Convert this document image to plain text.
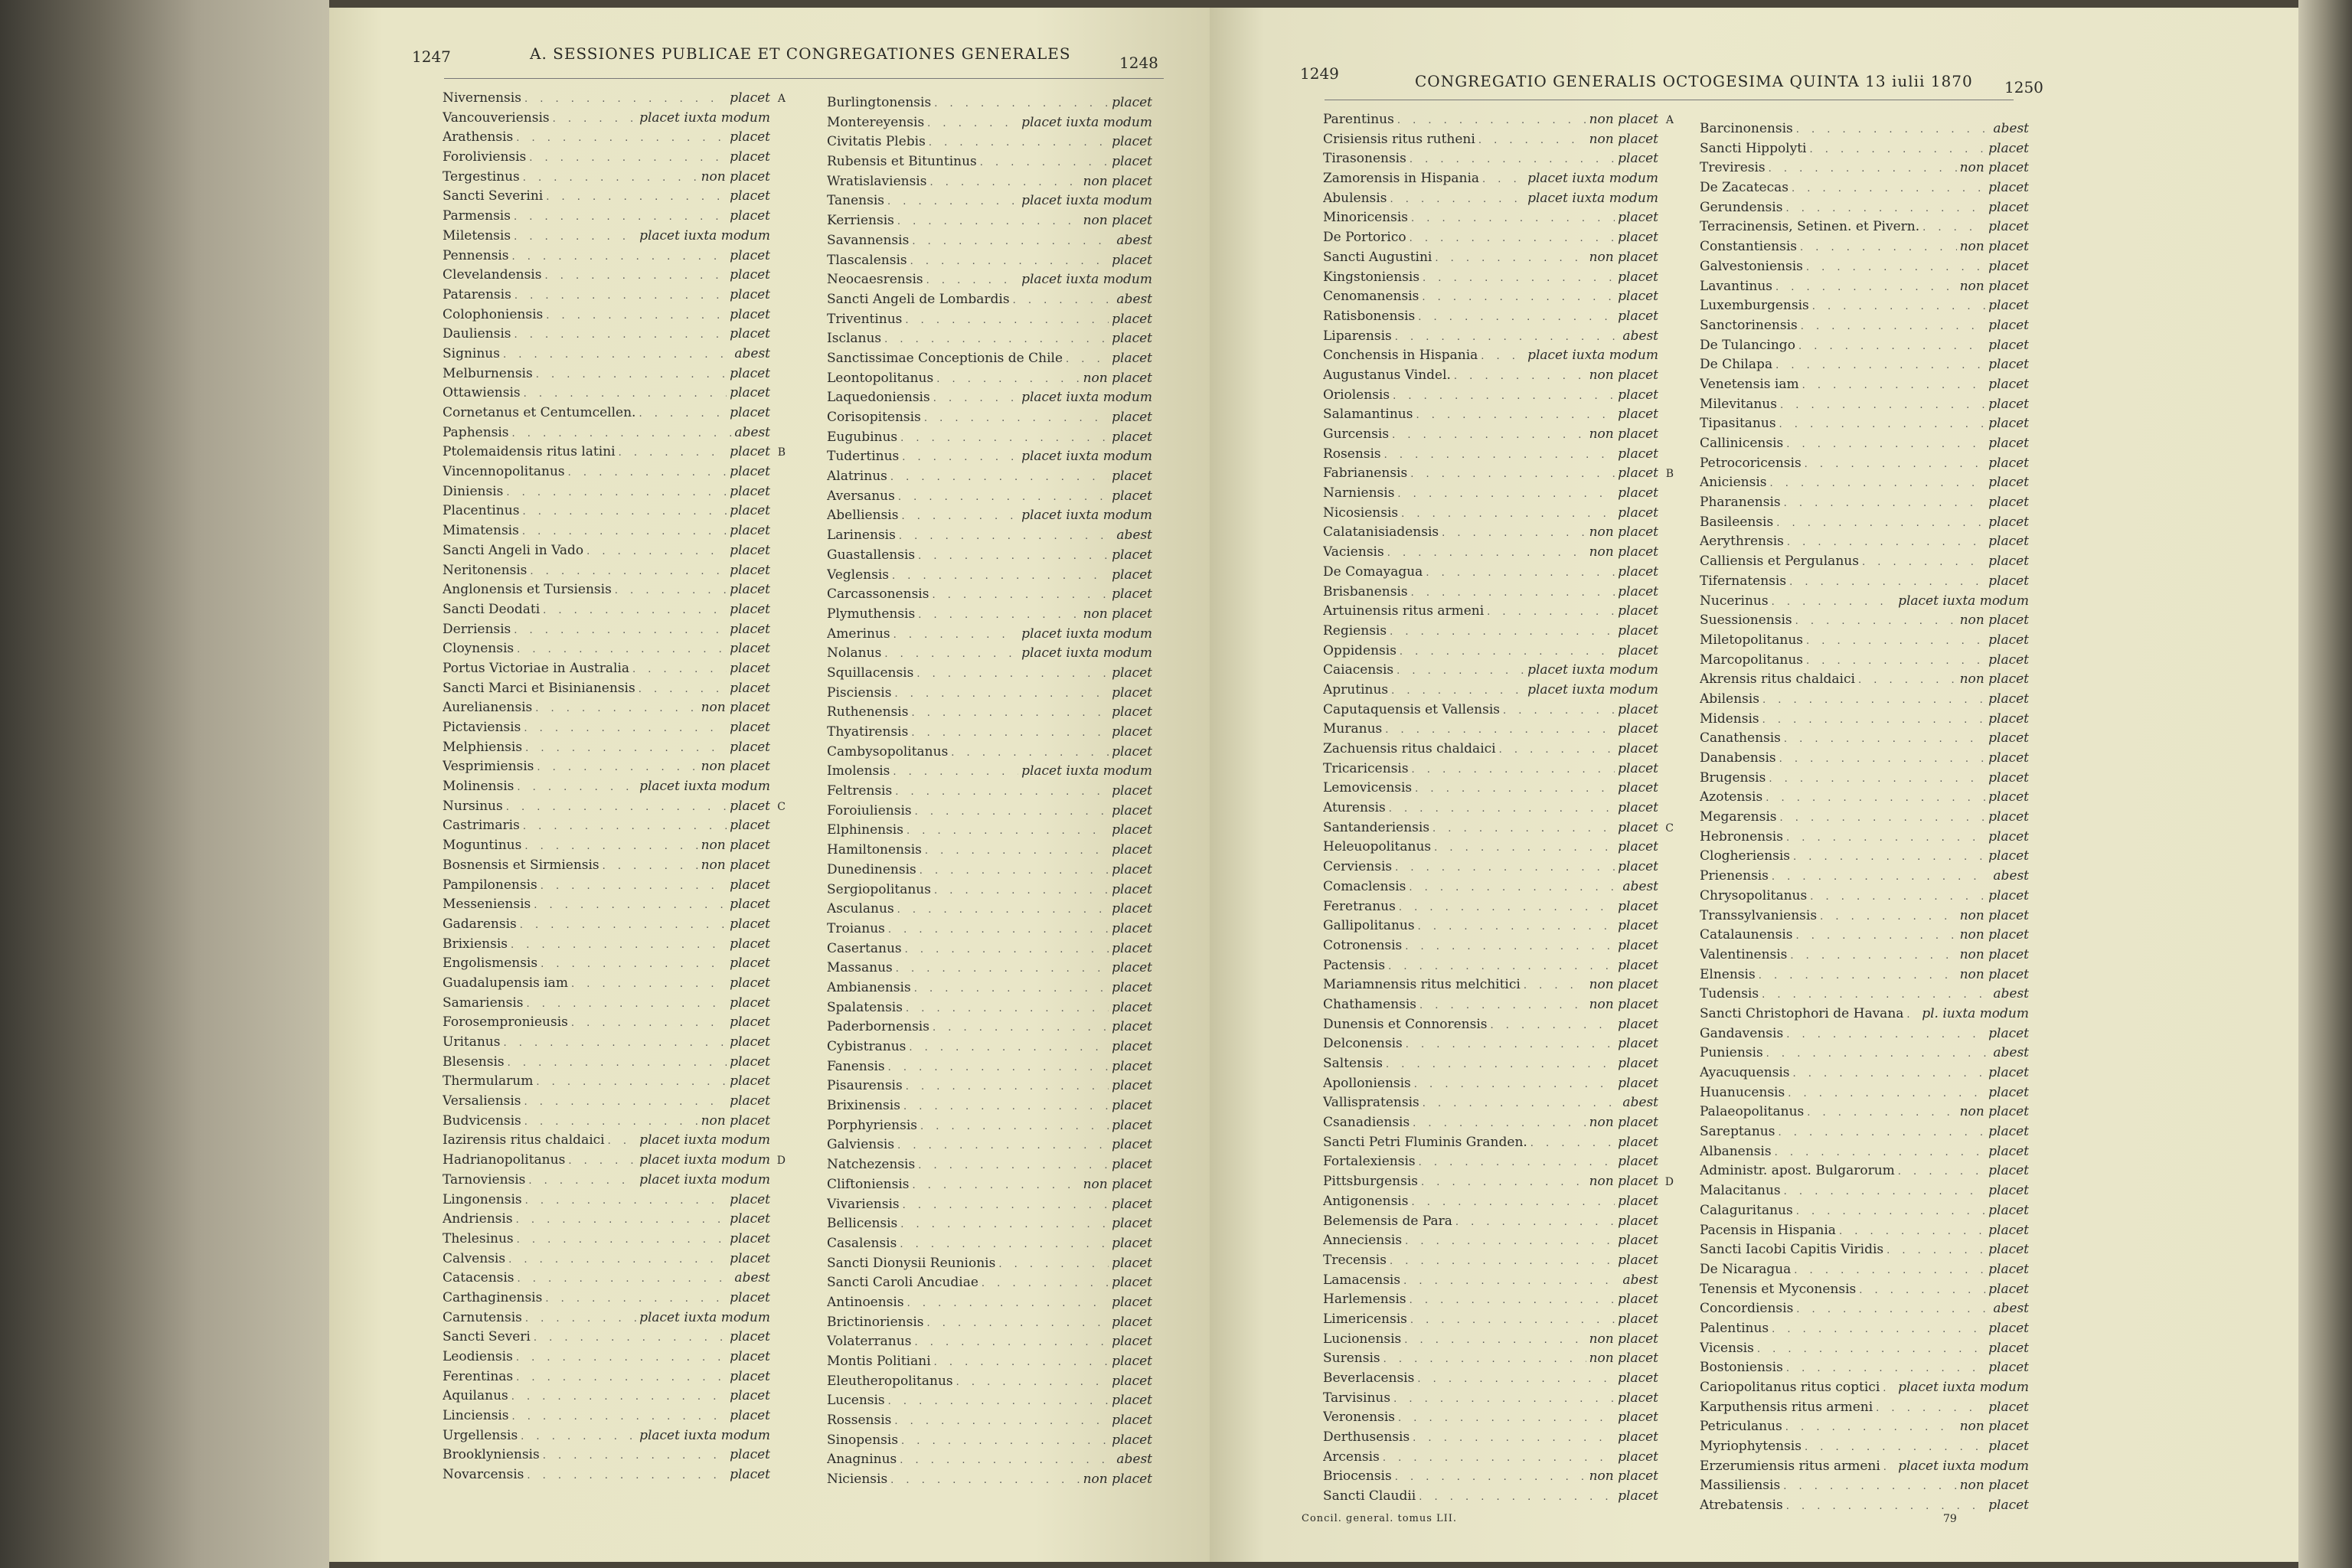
1247	A. SESSIONES PUBLICAE ET CONGREGATIONES GENERALES	1248
Nivernensis . . .	placet A
Vancouveriensis . . .	placet iuxta modum
Arathensis . . .	placet
Foroliviensis . . .	placet
Tergestinus . . .	non placet
Sancti Severini . . .	placet
Parmensis . . .	placet
Miletensis . . .	placet iuxta modum
Pennensis . . .	placet
Clevelandensis . . .	placet
Patarensis . . .	placet
Colophoniensis . . .	placet
Dauliensis . . .	placet
Signinus . . .	abest
Melburnensis . . .	placet
Ottawiensis . . .	placet
Cornetanus et Centumcellen. . . .	placet
Paphensis . . .	abest
Ptolemaidensis ritus latini . . .	placet B
Vincennopolitanus . . .	placet
Diniensis . . .	placet
Placentinus . . .	placet
Mimatensis . . .	placet
Sancti Angeli in Vado . . .	placet
Neritonensis . . .	placet
Anglonensis et Tursiensis . . .	placet
Sancti Deodati . . .	placet
Derriensis . . .	placet
Cloynensis . . .	placet
Portus Victoriae in Australia . . .	placet
Sancti Marci et Bisinianensis . . .	placet
Aurelianensis . . .	non placet
Pictaviensis . . .	placet
Melphiensis . . .	placet
Vesprimiensis . . .	non placet
Molinensis . . .	placet iuxta modum
Nursinus . . .	placet C
Castrimaris . . .	placet
Moguntinus . . .	non placet
Bosnensis et Sirmiensis . . .	non placet
Pampilonensis . . .	placet
Messeniensis . . .	placet
Gadarensis . . .	placet
Brixiensis . . .	placet
Engolismensis . . .	placet
Guadalupensis iam . . .	placet
Samariensis . . .	placet
Forosempronieusis . . .	placet
Uritanus . . .	placet
Blesensis . . .	placet
Thermularum . . .	placet
Versaliensis . . .	placet
Budvicensis . . .	non placet
Iazirensis ritus chaldaici . . .	placet iuxta modum
Hadrianopolitanus . . .	placet iuxta modum D
Tarnoviensis . . .	placet iuxta modum
Lingonensis . . .	placet
Andriensis . . .	placet
Thelesinus . . .	placet
Calvensis . . .	placet
Catacensis . . .	abest
Carthaginensis . . .	placet
Carnutensis . . .	placet iuxta modum
Sancti Severi . . .	placet
Leodiensis . . .	placet
Ferentinas . . .	placet
Aquilanus . . .	placet
Linciensis . . .	placet
Urgellensis . . .	placet iuxta modum
Brooklyniensis . . .	placet
Novarcensis . . .	placet
Burlingtonensis . . .	placet
Montereyensis . . .	placet iuxta modum
Civitatis Plebis . . .	placet
Rubensis et Bituntinus . . .	placet
Wratislaviensis . . .	non placet
Tanensis . . .	placet iuxta modum
Kerriensis . . .	non placet
Savannensis . . .	abest
Tlascalensis . . .	placet
Neocaesrensis . . .	placet iuxta modum
Sancti Angeli de Lombardis . . .	abest
Triventinus . . .	placet
Isclanus . . .	placet
Sanctissimae Conceptionis de Chile . . .	placet
Leontopolitanus . . .	non placet
Laquedoniensis . . .	placet iuxta modum
Corisopitensis . . .	placet
Eugubinus . . .	placet
Tudertinus . . .	placet iuxta modum
Alatrinus . . .	placet
Aversanus . . .	placet
Abelliensis . . .	placet iuxta modum
Larinensis . . .	abest
Guastallensis . . .	placet
Veglensis . . .	placet
Carcassonensis . . .	placet
Plymuthensis . . .	non placet
Amerinus . . .	placet iuxta modum
Nolanus . . .	placet iuxta modum
Squillacensis . . .	placet
Pisciensis . . .	placet
Ruthenensis . . .	placet
Thyatirensis . . .	placet
Cambysopolitanus . . .	placet
Imolensis . . .	placet iuxta modum
Feltrensis . . .	placet
Foroiuliensis . . .	placet
Elphinensis . . .	placet
Hamiltonensis . . .	placet
Dunedinensis . . .	placet
Sergiopolitanus . . .	placet
Asculanus . . .	placet
Troianus . . .	placet
Casertanus . . .	placet
Massanus . . .	placet
Ambianensis . . .	placet
Spalatensis . . .	placet
Paderbornensis . . .	placet
Cybistranus . . .	placet
Fanensis . . .	placet
Pisaurensis . . .	placet
Brixinensis . . .	placet
Porphyriensis . . .	placet
Galviensis . . .	placet
Natchezensis . . .	placet
Cliftoniensis . . .	non placet
Vivariensis . . .	placet
Bellicensis . . .	placet
Casalensis . . .	placet
Sancti Dionysii Reunionis . . .	placet
Sancti Caroli Ancudiae . . .	placet
Antinoensis . . .	placet
Brictinoriensis . . .	placet
Volaterranus . . .	placet
Montis Politiani . . .	placet
Eleutheropolitanus . . .	placet
Lucensis . . .	placet
Rossensis . . .	placet
Sinopensis . . .	placet
Anagninus . . .	abest
Niciensis . . .	non placet
1249	CONGREGATIO GENERALIS OCTOGESIMA QUINTA 13 iulii 1870 1250
Parentinus . . .	non placet A
Crisiensis ritus rutheni . . .	non placet
Tirasonensis . . .	placet
Zamorensis in Hispania . . .	placet iuxta modum
Abulensis . . .	placet iuxta modum
Minoricensis . . .	placet
De Portorico . . .	placet
Sancti Augustini . . .	non placet
Kingstoniensis . . .	placet
Cenomanensis . . .	placet
Ratisbonensis . . .	placet
Liparensis . . .	abest
Conchensis in Hispania . . .	placet iuxta modum
Augustanus Vindel. . . .	non placet
Oriolensis . . .	placet
Salamantinus . . .	placet
Gurcensis . . .	non placet
Rosensis . . .	placet
Fabrianensis . . .	placet B
Narniensis . . .	placet
Nicosiensis . . .	placet
Calatanisiadensis . . .	non placet
Vaciensis . . .	non placet
De Comayagua . . .	placet
Brisbanensis . . .	placet
Artuinensis ritus armeni . . .	placet
Regiensis . . .	placet
Oppidensis . . .	placet
Caiacensis . . .	placet iuxta modum
Aprutinus . . .	placet iuxta modum
Caputaquensis et Vallensis . . .	placet
Muranus . . .	placet
Zachuensis ritus chaldaici . . .	placet
Tricaricensis . . .	placet
Lemovicensis . . .	placet
Aturensis . . .	placet
Santanderiensis . . .	placet C
Heleuopolitanus . . .	placet
Cerviensis . . .	placet
Comaclensis . . .	abest
Feretranus . . .	placet
Gallipolitanus . . .	placet
Cotronensis . . .	placet
Pactensis . . .	placet
Mariamnensis ritus melchitici . . .	non placet
Chathamensis . . .	non placet
Dunensis et Connorensis . . .	placet
Delconensis . . .	placet
Saltensis . . .	placet
Apolloniensis . . .	placet
Vallispratensis . . .	abest
Csanadiensis . . .	non placet
Sancti Petri Fluminis Granden. . . .	placet
Fortalexiensis . . .	placet
Pittsburgensis . . .	non placet D
Antigonensis . . .	placet
Belemensis de Para . . .	placet
Anneciensis . . .	placet
Trecensis . . .	placet
Lamacensis . . .	abest
Harlemensis . . .	placet
Limericensis . . .	placet
Lucionensis . . .	non placet
Surensis . . .	non placet
Beverlacensis . . .	placet
Tarvisinus . . .	placet
Veronensis . . .	placet
Derthusensis . . .	placet
Arcensis . . .	placet
Briocensis . . .	non placet
Sancti Claudii . . .	placet
Barcinonensis . . .	abest
Sancti Hippolyti . . .	placet
Treviresis . . .	non placet
De Zacatecas . . .	placet
Gerundensis . . .	placet
Terracinensis, Setinen. et Pivern. . . .	placet
Constantiensis . . .	non placet
Galvestoniensis . . .	placet
Lavantinus . . .	non placet
Luxemburgensis . . .	placet
Sanctorinensis . . .	placet
De Tulancingo . . .	placet
De Chilapa . . .	placet
Venetensis iam . . .	placet
Milevitanus . . .	placet
Tipasitanus . . .	placet
Callinicensis . . .	placet
Petrocoricensis . . .	placet
Aniciensis . . .	placet
Pharanensis . . .	placet
Basileensis . . .	placet
Aerythrensis . . .	placet
Calliensis et Pergulanus . . .	placet
Tifernatensis . . .	placet
Nucerinus . . .	placet iuxta modum
Suessionensis . . .	non placet
Miletopolitanus . . .	placet
Marcopolitanus . . .	placet
Akrensis ritus chaldaici . . .	non placet
Abilensis . . .	placet
Midensis . . .	placet
Canathensis . . .	placet
Danabensis . . .	placet
Brugensis . . .	placet
Azotensis . . .	placet
Megarensis . . .	placet
Hebronensis . . .	placet
Clogheriensis . . .	placet
Prienensis . . .	abest
Chrysopolitanus . . .	placet
Transsylvaniensis . . .	non placet
Catalaunensis . . .	non placet
Valentinensis . . .	non placet
Elnensis . . .	non placet
Tudensis . . .	abest
Sancti Christophori de Havana . . . pl. iuxta modum
Gandavensis . . .	placet
Puniensis . . .	abest
Ayacuquensis . . .	placet
Huanucensis . . .	placet
Palaeopolitanus . . .	non placet
Sareptanus . . .	placet
Albanensis . . .	placet
Administr. apost. Bulgarorum . . .	placet
Malacitanus . . .	placet
Calaguritanus . . .	placet
Pacensis in Hispania . . .	placet
Sancti Iacobi Capitis Viridis . . .	placet
De Nicaragua . . .	placet
Tenensis et Myconensis . . .	placet
Concordiensis . . .	abest
Palentinus . . .	placet
Vicensis . . .	placet
Bostoniensis . . .	placet
Cariopolitanus ritus coptici . . . placet iuxta modum
Karputhensis ritus armeni . . .	placet
Petriculanus . . .	non placet
Myriophytensis . . .	placet
Erzerumiensis ritus armeni . . . placet iuxta modum
Massiliensis . . .	non placet
Atrebatensis . . .	placet
Concil. general. tomus LII.	79
